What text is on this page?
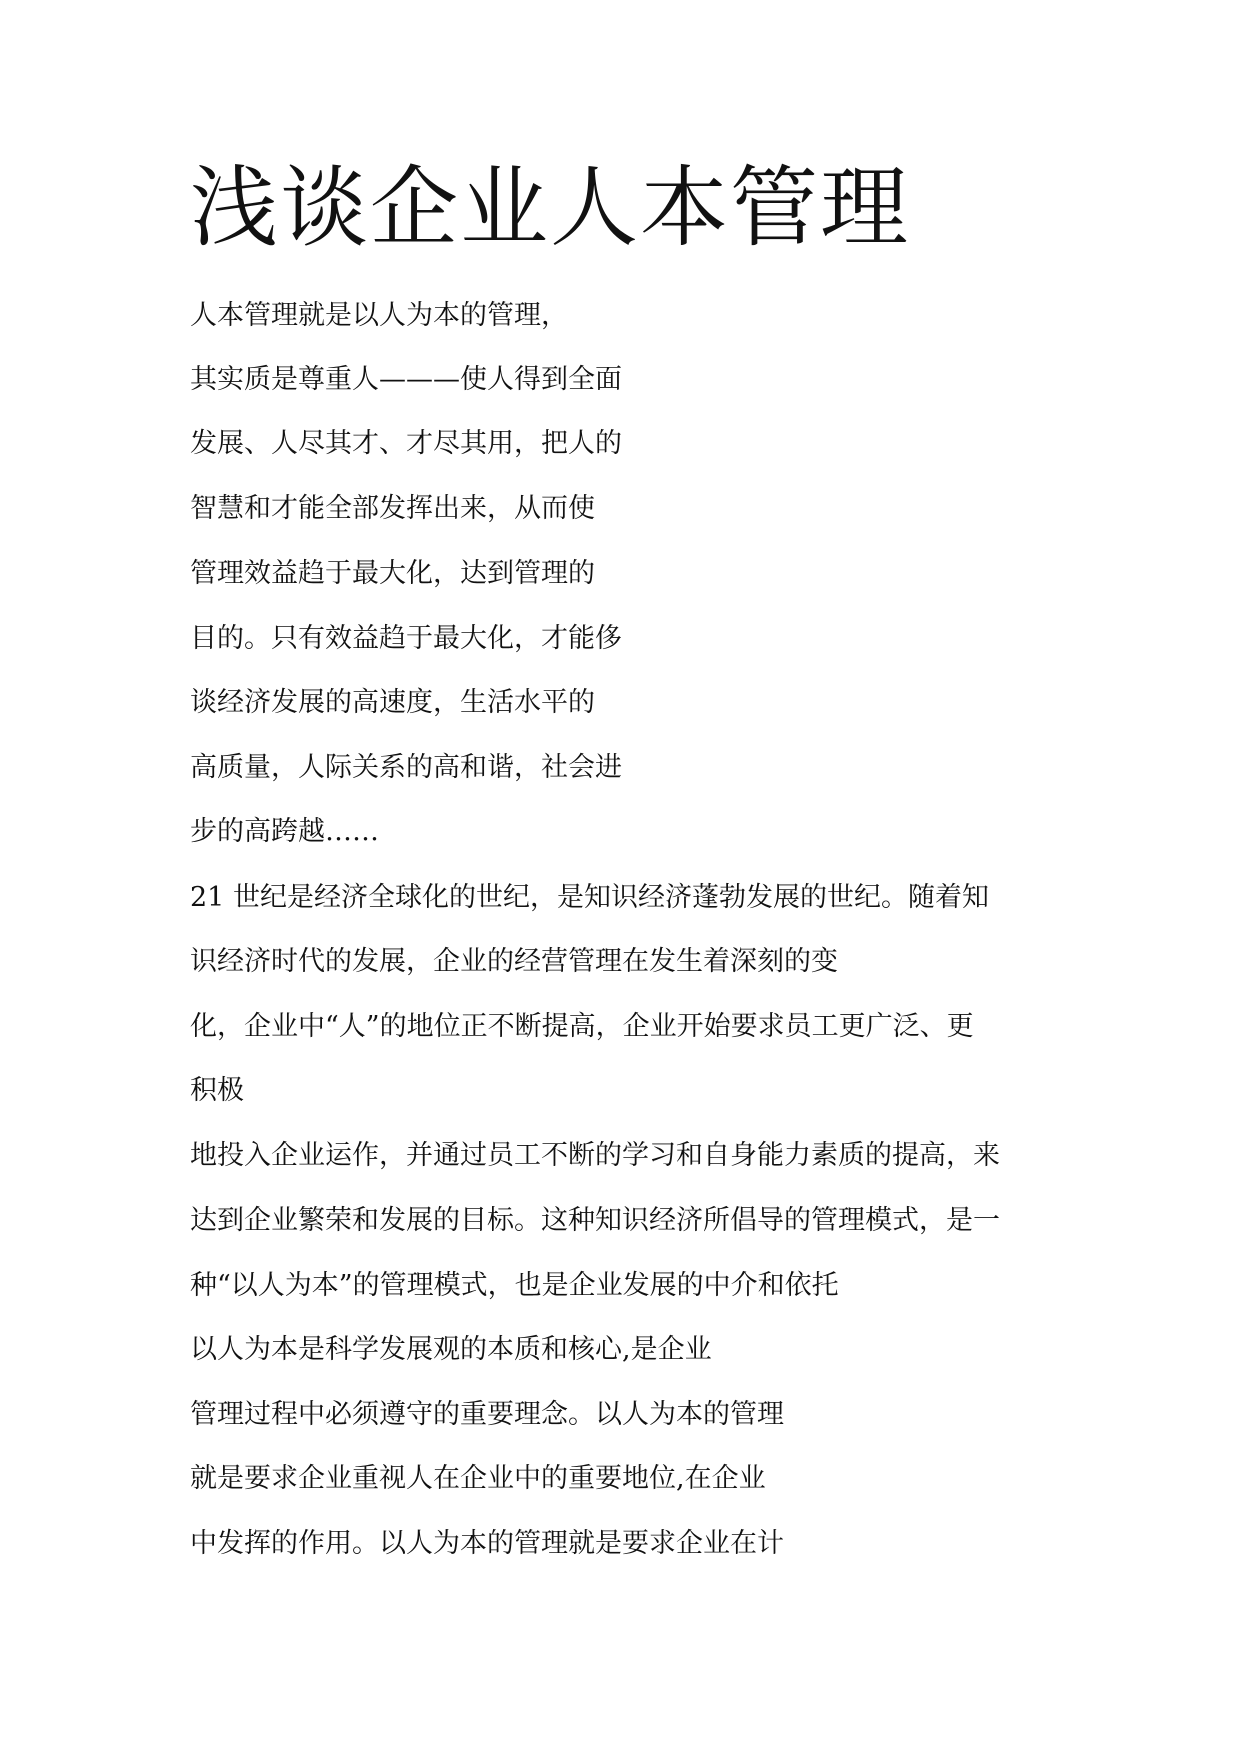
浅谈企业人本管理

人本管理就是以人为本的管理，

其实质是尊重人———使人得到全面

发展、人尽其才、才尽其用，把人的

智慧和才能全部发挥出来，从而使

管理效益趋于最大化，达到管理的

目的。只有效益趋于最大化，才能侈

谈经济发展的高速度，生活水平的

高质量，人际关系的高和谐，社会进

步的高跨越……

21 世纪是经济全球化的世纪，是知识经济蓬勃发展的世纪。随着知

识经济时代的发展，企业的经营管理在发生着深刻的变

化，企业中“人”的地位正不断提高，企业开始要求员工更广泛、更

积极

地投入企业运作，并通过员工不断的学习和自身能力素质的提高，来

达到企业繁荣和发展的目标。这种知识经济所倡导的管理模式，是一

种“以人为本”的管理模式，也是企业发展的中介和依托

以人为本是科学发展观的本质和核心,是企业

管理过程中必须遵守的重要理念。以人为本的管理

就是要求企业重视人在企业中的重要地位,在企业

中发挥的作用。以人为本的管理就是要求企业在计
